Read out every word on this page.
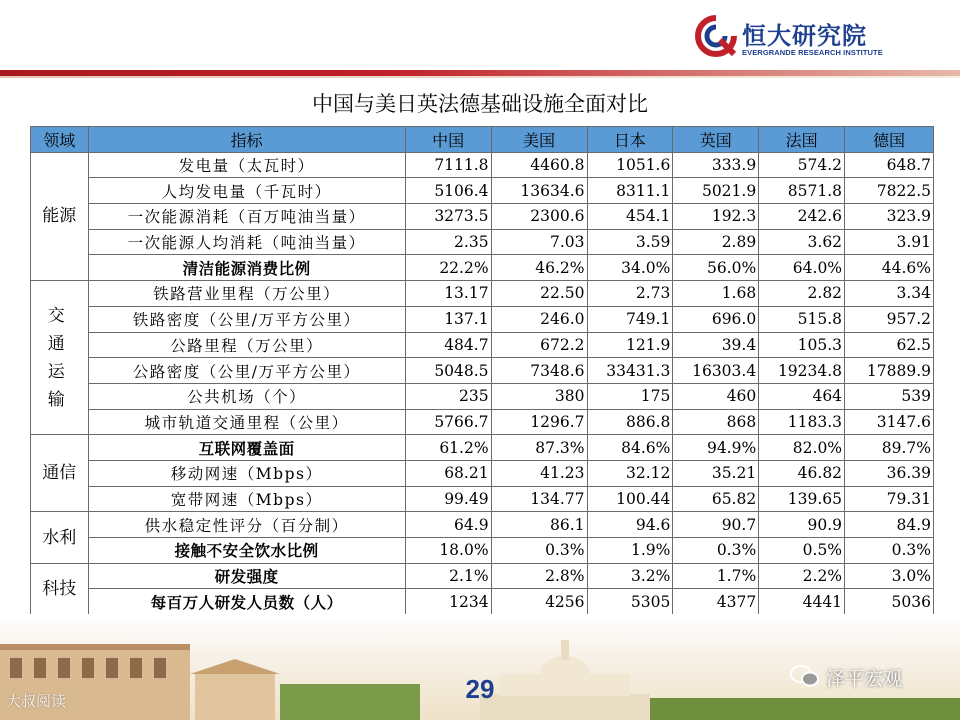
恒大研究院
EVERGRANDE RESEARCH INSTITUTE
中国与美日英法德基础设施全面对比
领域	指标	中国	美国	日本	英国	法国	德国
能源	发电量（太瓦时）	7111.8	4460.8	1051.6	333.9	574.2	648.7
	人均发电量（千瓦时）	5106.4	13634.6	8311.1	5021.9	8571.8	7822.5
	一次能源消耗（百万吨油当量）	3273.5	2300.6	454.1	192.3	242.6	323.9
	一次能源人均消耗（吨油当量）	2.35	7.03	3.59	2.89	3.62	3.91
	清洁能源消费比例	22.2%	46.2%	34.0%	56.0%	64.0%	44.6%
交通运输	铁路营业里程（万公里）	13.17	22.50	2.73	1.68	2.82	3.34
	铁路密度（公里/万平方公里）	137.1	246.0	749.1	696.0	515.8	957.2
	公路里程（万公里）	484.7	672.2	121.9	39.4	105.3	62.5
	公路密度（公里/万平方公里）	5048.5	7348.6	33431.3	16303.4	19234.8	17889.9
	公共机场（个）	235	380	175	460	464	539
	城市轨道交通里程（公里）	5766.7	1296.7	886.8	868	1183.3	3147.6
通信	互联网覆盖面	61.2%	87.3%	84.6%	94.9%	82.0%	89.7%
	移动网速（Mbps）	68.21	41.23	32.12	35.21	46.82	36.39
	宽带网速（Mbps）	99.49	134.77	100.44	65.82	139.65	79.31
水利	供水稳定性评分（百分制）	64.9	86.1	94.6	90.7	90.9	84.9
	接触不安全饮水比例	18.0%	0.3%	1.9%	0.3%	0.5%	0.3%
科技	研发强度	2.1%	2.8%	3.2%	1.7%	2.2%	3.0%
	每百万人研发人员数（人）	1234	4256	5305	4377	4441	5036
29
大叔阅读
泽平宏观
